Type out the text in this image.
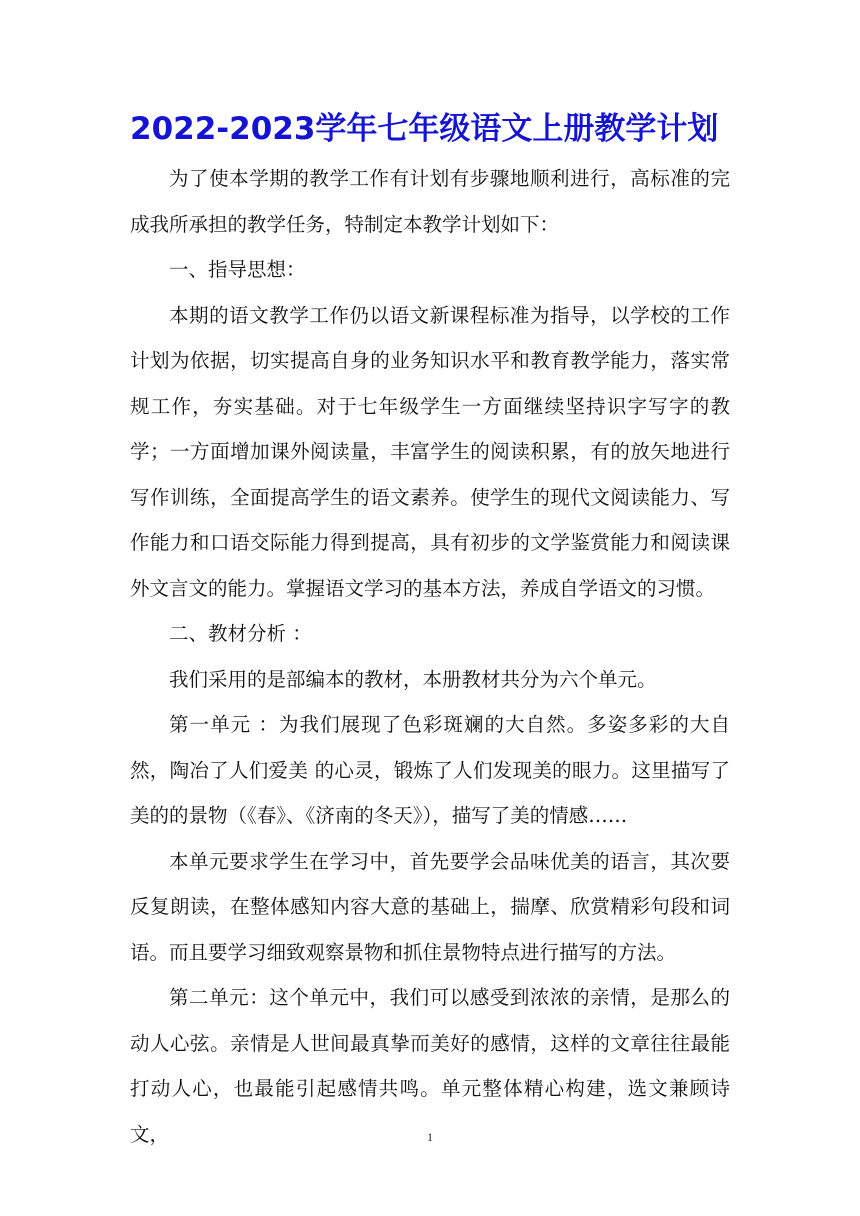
2022-2023学年七年级语文上册教学计划

为了使本学期的教学工作有计划有步骤地顺利进行，高标准的完成我所承担的教学任务，特制定本教学计划如下：

一、指导思想：

本期的语文教学工作仍以语文新课程标准为指导，以学校的工作计划为依据，切实提高自身的业务知识水平和教育教学能力，落实常规工作，夯实基础。对于七年级学生一方面继续坚持识字写字的教学；一方面增加课外阅读量，丰富学生的阅读积累，有的放矢地进行写作训练，全面提高学生的语文素养。使学生的现代文阅读能力、写作能力和口语交际能力得到提高，具有初步的文学鉴赏能力和阅读课外文言文的能力。掌握语文学习的基本方法，养成自学语文的习惯。

二、教材分析 ：

我们采用的是部编本的教材，本册教材共分为六个单元。

第一单元 ：为我们展现了色彩斑斓的大自然。多姿多彩的大自然，陶冶了人们爱美 的心灵，锻炼了人们发现美的眼力。这里描写了美的的景物（《春》、《济南的冬天》），描写了美的情感……

本单元要求学生在学习中，首先要学会品味优美的语言，其次要反复朗读，在整体感知内容大意的基础上，揣摩、欣赏精彩句段和词语。而且要学习细致观察景物和抓住景物特点进行描写的方法。

第二单元：这个单元中，我们可以感受到浓浓的亲情，是那么的动人心弦。亲情是人世间最真挚而美好的感情，这样的文章往往最能打动人心，也最能引起感情共鸣。单元整体精心构建，选文兼顾诗文，	1
